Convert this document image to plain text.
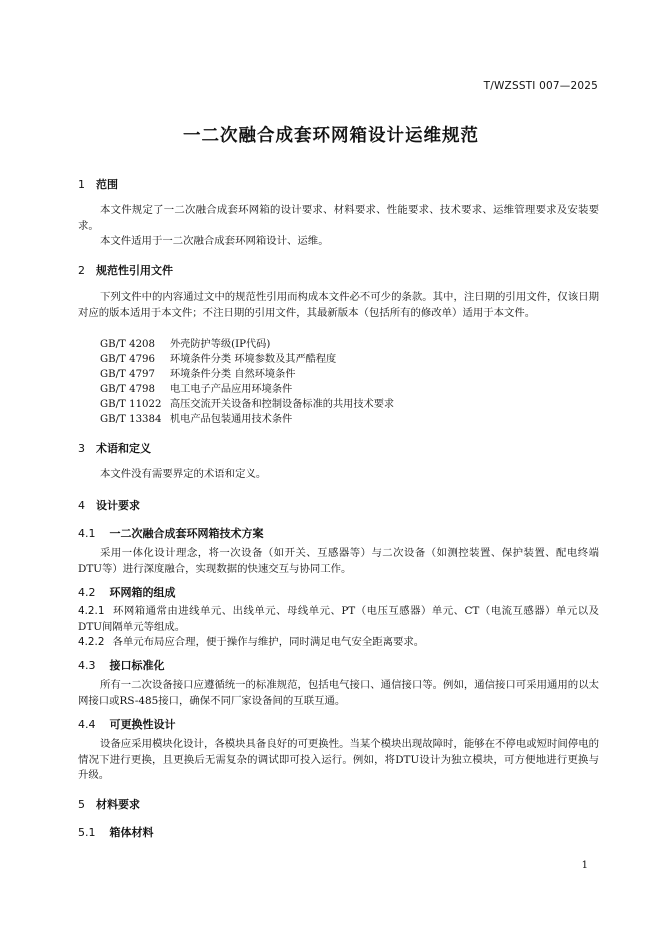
T/WZSSTI 007—2025
一二次融合成套环网箱设计运维规范
1 范围
本文件规定了一二次融合成套环网箱的设计要求、材料要求、性能要求、技术要求、运维管理要求及安装要求。
本文件适用于一二次融合成套环网箱设计、运维。
2 规范性引用文件
下列文件中的内容通过文中的规范性引用而构成本文件必不可少的条款。其中，注日期的引用文件，仅该日期对应的版本适用于本文件；不注日期的引用文件，其最新版本（包括所有的修改单）适用于本文件。
GB/T 4208 外壳防护等级(IP代码)
GB/T 4796 环境条件分类 环境参数及其严酷程度
GB/T 4797 环境条件分类 自然环境条件
GB/T 4798 电工电子产品应用环境条件
GB/T 11022 高压交流开关设备和控制设备标准的共用技术要求
GB/T 13384 机电产品包装通用技术条件
3 术语和定义
本文件没有需要界定的术语和定义。
4 设计要求
4.1 一二次融合成套环网箱技术方案
采用一体化设计理念，将一次设备（如开关、互感器等）与二次设备（如测控装置、保护装置、配电终端DTU等）进行深度融合，实现数据的快速交互与协同工作。
4.2 环网箱的组成
4.2.1 环网箱通常由进线单元、出线单元、母线单元、PT（电压互感器）单元、CT（电流互感器）单元以及DTU间隔单元等组成。
4.2.2 各单元布局应合理，便于操作与维护，同时满足电气安全距离要求。
4.3 接口标准化
所有一二次设备接口应遵循统一的标准规范，包括电气接口、通信接口等。例如，通信接口可采用通用的以太网接口或RS-485接口，确保不同厂家设备间的互联互通。
4.4 可更换性设计
设备应采用模块化设计，各模块具备良好的可更换性。当某个模块出现故障时，能够在不停电或短时间停电的情况下进行更换，且更换后无需复杂的调试即可投入运行。例如，将DTU设计为独立模块，可方便地进行更换与升级。
5 材料要求
5.1 箱体材料
1
